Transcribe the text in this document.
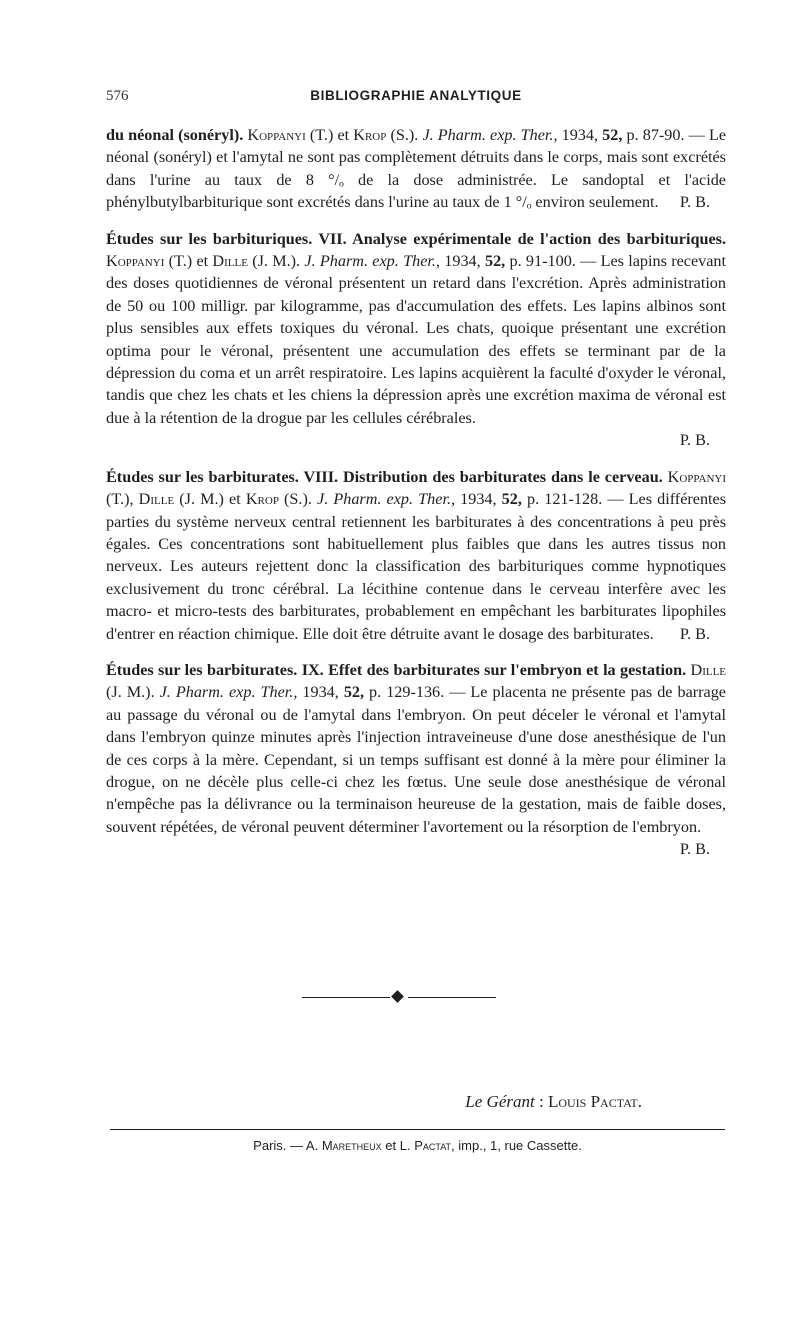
576	BIBLIOGRAPHIE ANALYTIQUE
du néonal (sonéryl). Koppanyi (T.) et Krop (S.). J. Pharm. exp. Ther., 1934, 52, p. 87-90. — Le néonal (sonéryl) et l'amytal ne sont pas complètement détruits dans le corps, mais sont excrétés dans l'urine au taux de 8 °/ₒ de la dose administrée. Le sandoptal et l'acide phénylbutylbarbiturique sont excrétés dans l'urine au taux de 1 °/ₒ environ seulement. P. B.
Études sur les barbituriques. VII. Analyse expérimentale de l'action des barbituriques. Koppanyi (T.) et Dille (J. M.). J. Pharm. exp. Ther., 1934, 52, p. 91-100. — Les lapins recevant des doses quotidiennes de véronal présentent un retard dans l'excrétion. Après administration de 50 ou 100 milligr. par kilogramme, pas d'accumulation des effets. Les lapins albinos sont plus sensibles aux effets toxiques du véronal. Les chats, quoique présentant une excrétion optima pour le véronal, présentent une accumulation des effets se terminant par de la dépression du coma et un arrêt respiratoire. Les lapins acquièrent la faculté d'oxyder le véronal, tandis que chez les chats et les chiens la dépression après une excrétion maxima de véronal est due à la rétention de la drogue par les cellules cérébrales.
P. B.
Études sur les barbiturates. VIII. Distribution des barbiturates dans le cerveau. Koppanyi (T.), Dille (J. M.) et Krop (S.). J. Pharm. exp. Ther., 1934, 52, p. 121-128. — Les différentes parties du système nerveux central retiennent les barbiturates à des concentrations à peu près égales. Ces concentrations sont habituellement plus faibles que dans les autres tissus non nerveux. Les auteurs rejettent donc la classification des barbituriques comme hypnotiques exclusivement du tronc cérébral. La lécithine contenue dans le cerveau interfère avec les macro- et micro-tests des barbiturates, probablement en empêchant les barbiturates lipophiles d'entrer en réaction chimique. Elle doit être détruite avant le dosage des barbiturates. P. B.
Études sur les barbiturates. IX. Effet des barbiturates sur l'embryon et la gestation. Dille (J. M.). J. Pharm. exp. Ther., 1934, 52, p. 129-136. — Le placenta ne présente pas de barrage au passage du véronal ou de l'amytal dans l'embryon. On peut déceler le véronal et l'amytal dans l'embryon quinze minutes après l'injection intraveineuse d'une dose anesthésique de l'un de ces corps à la mère. Cependant, si un temps suffisant est donné à la mère pour éliminer la drogue, on ne décèle plus celle-ci chez les fœtus. Une seule dose anesthésique de véronal n'empêche pas la délivrance ou la terminaison heureuse de la gestation, mais de faible doses, souvent répétées, de véronal peuvent déterminer l'avortement ou la résorption de l'embryon.
P. B.
Le Gérant : Louis Pactat.
Paris. — A. Maretheux et L. Pactat, imp., 1, rue Cassette.
